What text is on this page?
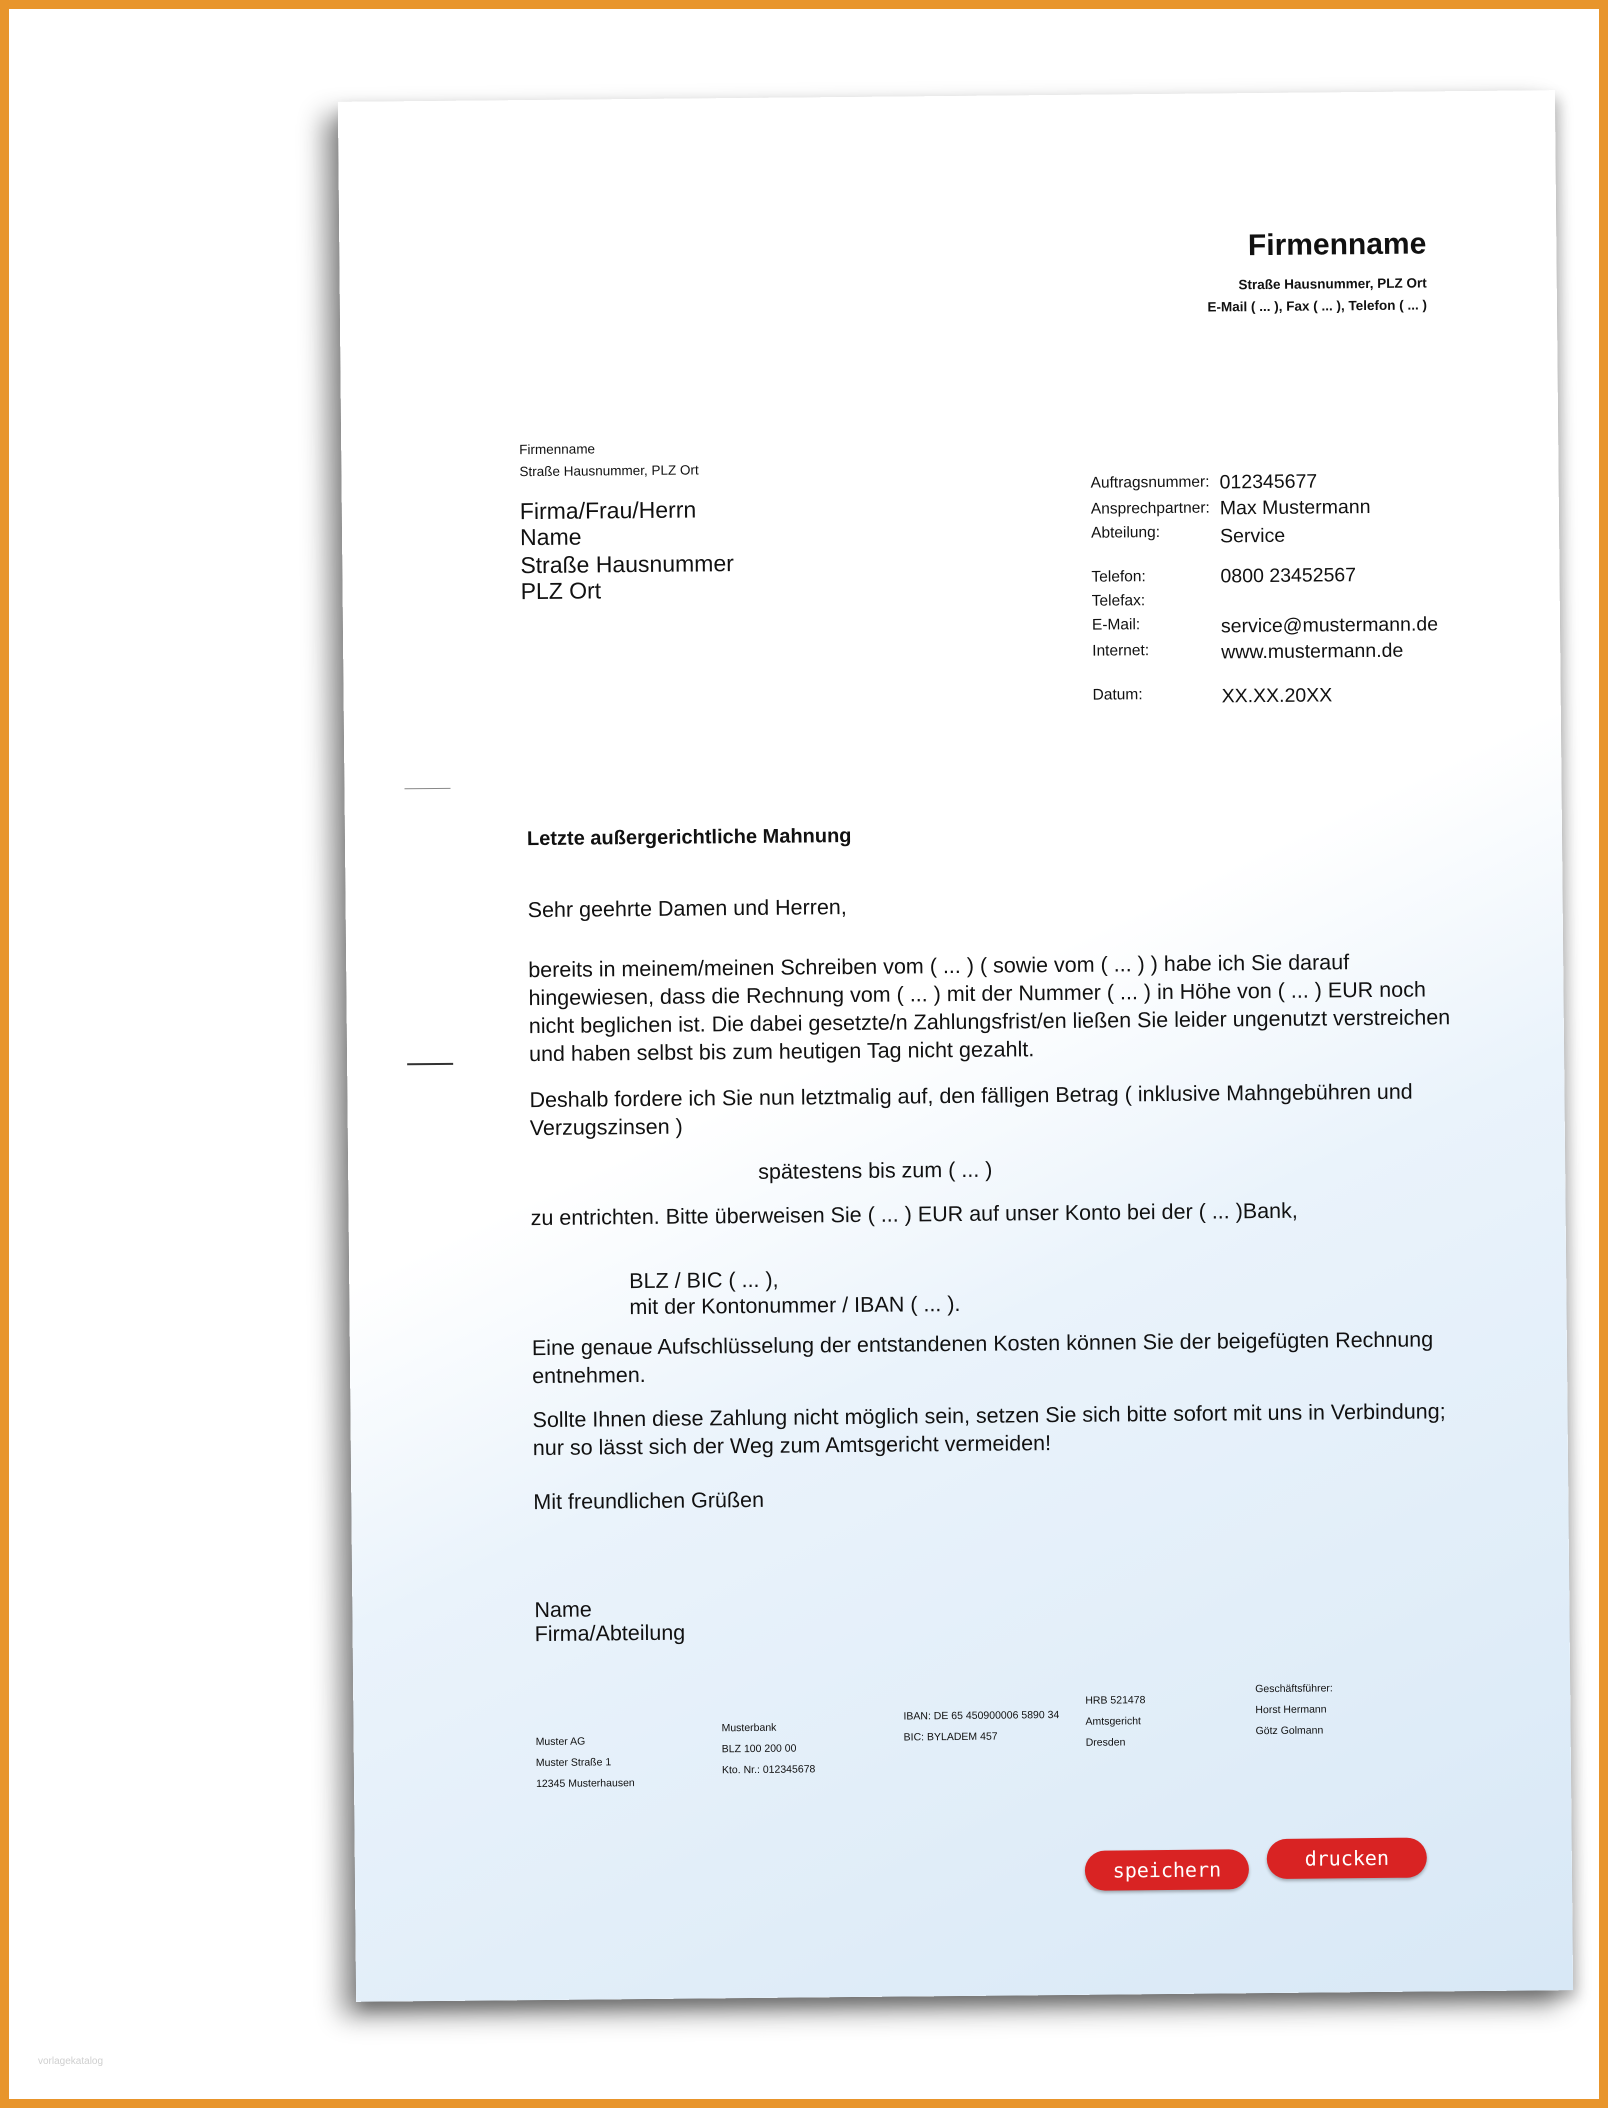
Firmenname
Straße Hausnummer, PLZ Ort
E-Mail ( ... ), Fax ( ... ), Telefon ( ... )
Firmenname
Straße Hausnummer, PLZ Ort
Firma/Frau/Herrn
Name
Straße Hausnummer
PLZ Ort
Auftragsnummer: 012345677
Ansprechpartner: Max Mustermann
Abteilung:	Service
Telefon:	0800 23452567
Telefax:
E-Mail:	service@mustermann.de
Internet:	www.mustermann.de
Datum:	XX.XX.20XX
Letzte außergerichtliche Mahnung
Sehr geehrte Damen und Herren,
bereits in meinem/meinen Schreiben vom ( ... ) ( sowie vom ( ... ) ) habe ich Sie darauf hingewiesen, dass die Rechnung vom ( ... ) mit der Nummer ( ... ) in Höhe von ( ... ) EUR noch nicht beglichen ist. Die dabei gesetzte/n Zahlungsfrist/en ließen Sie leider ungenutzt verstreichen und haben selbst bis zum heutigen Tag nicht gezahlt.
Deshalb fordere ich Sie nun letztmalig auf, den fälligen Betrag ( inklusive Mahngebühren und Verzugszinsen )
spätestens bis zum ( ... )
zu entrichten. Bitte überweisen Sie ( ... ) EUR auf unser Konto bei der ( ... )Bank,
BLZ / BIC ( ... ),
mit der Kontonummer / IBAN ( ... ).
Eine genaue Aufschlüsselung der entstandenen Kosten können Sie der beigefügten Rechnung entnehmen.
Sollte Ihnen diese Zahlung nicht möglich sein, setzen Sie sich bitte sofort mit uns in Verbindung; nur so lässt sich der Weg zum Amtsgericht vermeiden!
Mit freundlichen Grüßen
Name
Firma/Abteilung
Muster AG
Muster Straße 1
12345 Musterhausen
Musterbank
BLZ 100 200 00
Kto. Nr.: 012345678
IBAN: DE 65 450900006 5890 34
BIC: BYLADEM 457
HRB 521478
Amtsgericht
Dresden
Geschäftsführer:
Horst Hermann
Götz Golmann
speichern	drucken
vorlagekatalog
